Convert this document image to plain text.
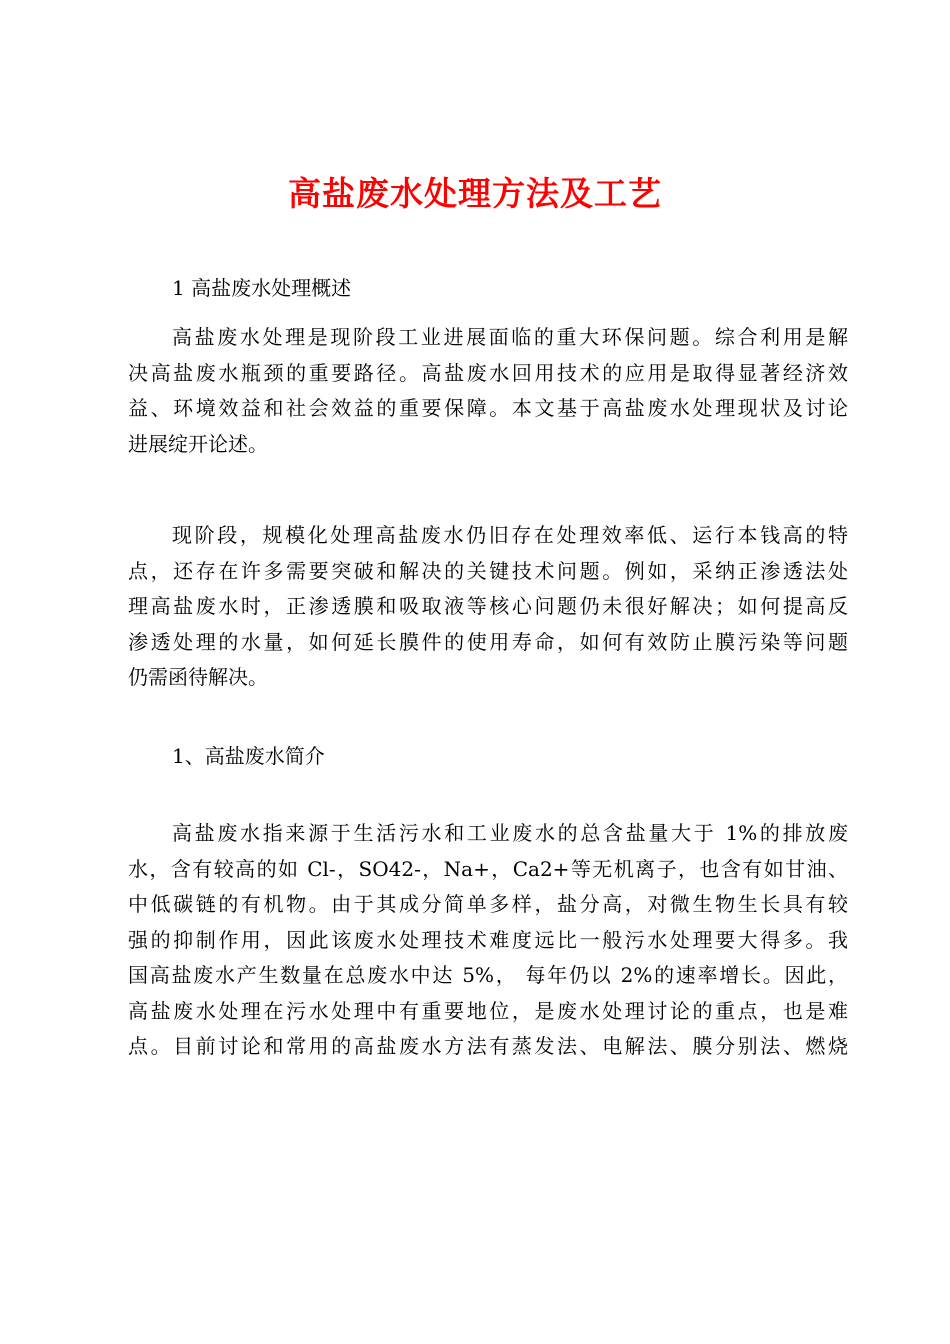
高盐废水处理方法及工艺
1 高盐废水处理概述
高盐废水处理是现阶段工业进展面临的重大环保问题。综合利用是解
决高盐废水瓶颈的重要路径。高盐废水回用技术的应用是取得显著经济效
益、环境效益和社会效益的重要保障。本文基于高盐废水处理现状及讨论
进展绽开论述。
现阶段，规模化处理高盐废水仍旧存在处理效率低、运行本钱高的特
点，还存在许多需要突破和解决的关键技术问题。例如，采纳正渗透法处
理高盐废水时，正渗透膜和吸取液等核心问题仍未很好解决；如何提高反
渗透处理的水量，如何延长膜件的使用寿命，如何有效防止膜污染等问题
仍需函待解决。
1、高盐废水简介
高盐废水指来源于生活污水和工业废水的总含盐量大于 1%的排放废
水，含有较高的如 Cl-，SO42-，Na+，Ca2+等无机离子，也含有如甘油、
中低碳链的有机物。由于其成分简单多样，盐分高，对微生物生长具有较
强的抑制作用，因此该废水处理技术难度远比一般污水处理要大得多。我
国高盐废水产生数量在总废水中达 5%， 每年仍以 2%的速率增长。因此，
高盐废水处理在污水处理中有重要地位，是废水处理讨论的重点，也是难
点。目前讨论和常用的高盐废水方法有蒸发法、电解法、膜分别法、燃烧
